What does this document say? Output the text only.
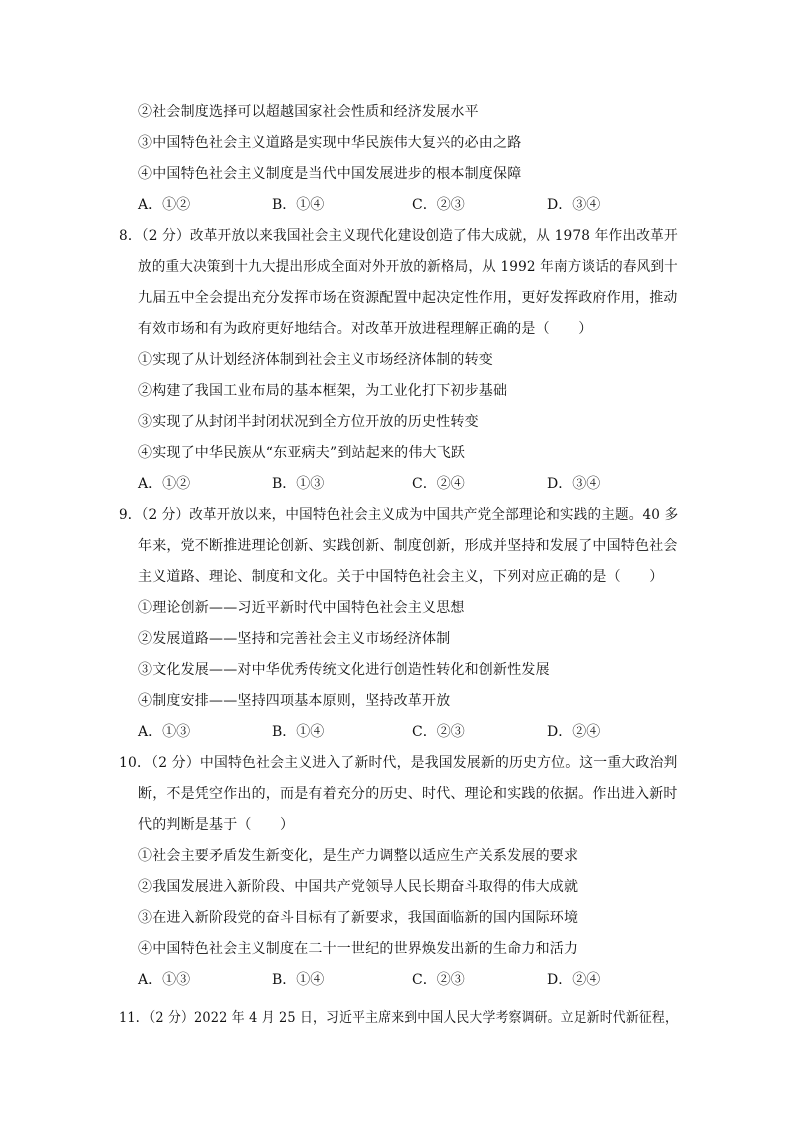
②社会制度选择可以超越国家社会性质和经济发展水平
③中国特色社会主义道路是实现中华民族伟大复兴的必由之路
④中国特色社会主义制度是当代中国发展进步的根本制度保障
A．①②	B．①④	C．②③	D．③④
8．（2 分）改革开放以来我国社会主义现代化建设创造了伟大成就，从 1978 年作出改革开
放的重大决策到十九大提出形成全面对外开放的新格局，从 1992 年南方谈话的春风到十
九届五中全会提出充分发挥市场在资源配置中起决定性作用，更好发挥政府作用，推动
有效市场和有为政府更好地结合。对改革开放进程理解正确的是（　　）
①实现了从计划经济体制到社会主义市场经济体制的转变
②构建了我国工业布局的基本框架，为工业化打下初步基础
③实现了从封闭半封闭状况到全方位开放的历史性转变
④实现了中华民族从“东亚病夫”到站起来的伟大飞跃
A．①②	B．①③	C．②④	D．③④
9．（2 分）改革开放以来，中国特色社会主义成为中国共产党全部理论和实践的主题。40 多
年来，党不断推进理论创新、实践创新、制度创新，形成并坚持和发展了中国特色社会
主义道路、理论、制度和文化。关于中国特色社会主义，下列对应正确的是（　　）
①理论创新——习近平新时代中国特色社会主义思想
②发展道路——坚持和完善社会主义市场经济体制
③文化发展——对中华优秀传统文化进行创造性转化和创新性发展
④制度安排——坚持四项基本原则，坚持改革开放
A．①③	B．①④	C．②③	D．②④
10．（2 分）中国特色社会主义进入了新时代，是我国发展新的历史方位。这一重大政治判
断，不是凭空作出的，而是有着充分的历史、时代、理论和实践的依据。作出进入新时
代的判断是基于（　　）
①社会主要矛盾发生新变化，是生产力调整以适应生产关系发展的要求
②我国发展进入新阶段、中国共产党领导人民长期奋斗取得的伟大成就
③在进入新阶段党的奋斗目标有了新要求，我国面临新的国内国际环境
④中国特色社会主义制度在二十一世纪的世界焕发出新的生命力和活力
A．①③	B．①④	C．②③	D．②④
11．（2 分）2022 年 4 月 25 日，习近平主席来到中国人民大学考察调研。立足新时代新征程，
